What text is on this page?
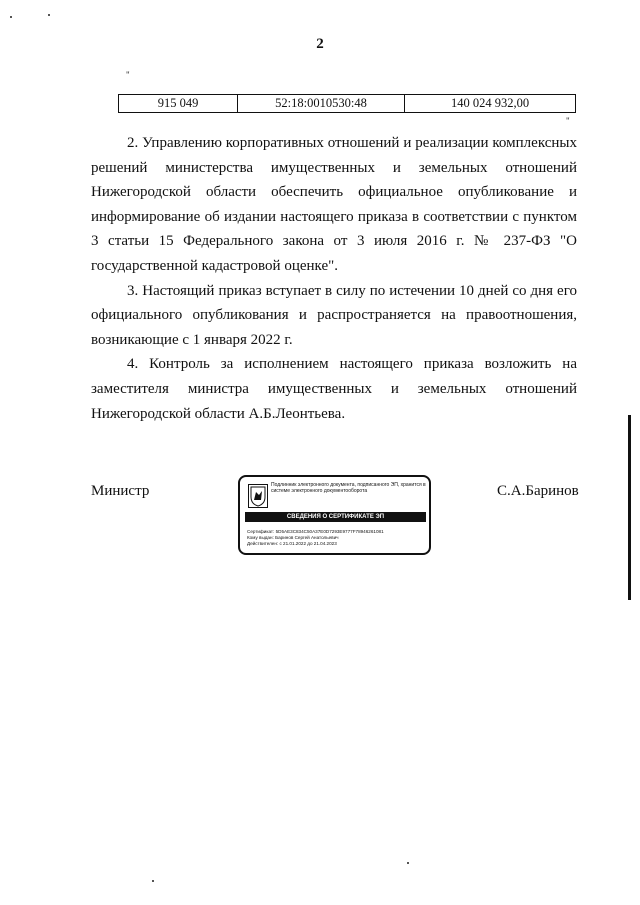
2
"
915 049	52:18:0010530:48	140 024 932,00
"

2. Управлению корпоративных отношений и реализации комплексных решений министерства имущественных и земельных отношений Нижегородской области обеспечить официальное опубликование и информирование об издании настоящего приказа в соответствии с пунктом 3 статьи 15 Федерального закона от 3 июля 2016 г. № 237-ФЗ "О государственной кадастровой оценке".

3. Настоящий приказ вступает в силу по истечении 10 дней со дня его официального опубликования и распространяется на правоотношения, возникающие с 1 января 2022 г.

4. Контроль за исполнением настоящего приказа возложить на заместителя министра имущественных и земельных отношений Нижегородской области А.Б.Леонтьева.

Министр	Подлинник электронного документа, подписанного ЭП, хранится в системе электронного документооборота
СВЕДЕНИЯ О СЕРТИФИКАТЕ ЭП
Сертификат: 5D5AE3C834C50A37E0D7293E9777F78946261081
Кому выдан: Баринов Сергей Анатольевич
Действителен: с 21.01.2022 до 21.04.2023
С.А.Баринов
